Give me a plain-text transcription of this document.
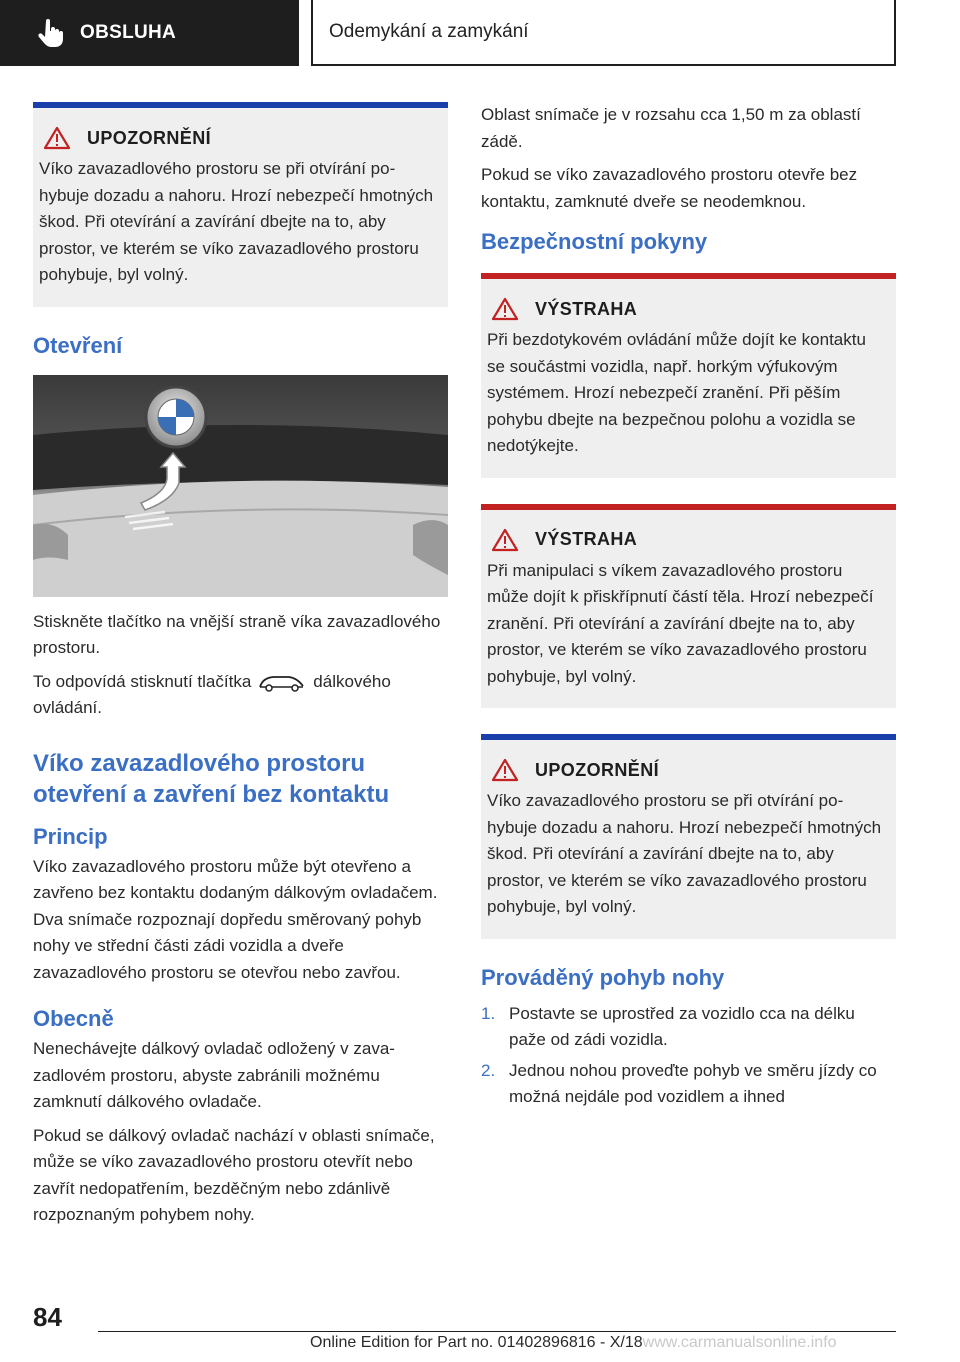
OBSLUHA	Odemykání a zamykání
UPOZORNĚNÍ
Víko zavazadlového prostoru se při otvírání pohybuje dozadu a nahoru. Hrozí nebezpečí hmotných škod. Při otevírání a zavírání dbejte na to, aby prostor, ve kterém se víko zavazadlového prostoru pohybuje, byl volný.
Otevření

Stiskněte tlačítko na vnější straně víka zavazadlového prostoru.

To odpovídá stisknutí tlačítka	dálkového ovládání.

Víko zavazadlového prostoru otevření a zavření bez kontaktu
Princip

Víko zavazadlového prostoru může být otevřeno a zavřeno bez kontaktu dodaným dálkovým ovladačem. Dva snímače rozpoznají dopředu směrovaný pohyb nohy ve střední části zádi vozidla a dveře zavazadlového prostoru se otevřou nebo zavřou.

Obecně

Nenechávejte dálkový ovladač odložený v zavazadlovém prostoru, abyste zabránili možnému zamknutí dálkového ovladače.

Pokud se dálkový ovladač nachází v oblasti snímače, může se víko zavazadlového prostoru otevřít nebo zavřít nedopatřením, bezděčným nebo zdánlivě rozpoznaným pohybem nohy.

Oblast snímače je v rozsahu cca 1,50 m za oblastí zádě.

Pokud se víko zavazadlového prostoru otevře bez kontaktu, zamknuté dveře se neodemknou.

Bezpečnostní pokyny
VÝSTRAHA
Při bezdotykovém ovládání může dojít ke kontaktu se součástmi vozidla, např. horkým výfukovým systémem. Hrozí nebezpečí zranění. Při pěším pohybu dbejte na bezpečnou polohu a vozidla se nedotýkejte.
VÝSTRAHA
Při manipulaci s víkem zavazadlového prostoru může dojít k přiskřípnutí částí těla. Hrozí nebezpečí zranění. Při otevírání a zavírání dbejte na to, aby prostor, ve kterém se víko zavazadlového prostoru pohybuje, byl volný.
UPOZORNĚNÍ
Víko zavazadlového prostoru se při otvírání pohybuje dozadu a nahoru. Hrozí nebezpečí hmotných škod. Při otevírání a zavírání dbejte na to, aby prostor, ve kterém se víko zavazadlového prostoru pohybuje, byl volný.
Prováděný pohyb nohy
1. Postavte se uprostřed za vozidlo cca na délku paže od zádi vozidla.
2. Jednou nohou proveďte pohyb ve směru jízdy co možná nejdále pod vozidlem a ihned
84
Online Edition for Part no. 01402896816 - X/18www.carmanualsonline.info
